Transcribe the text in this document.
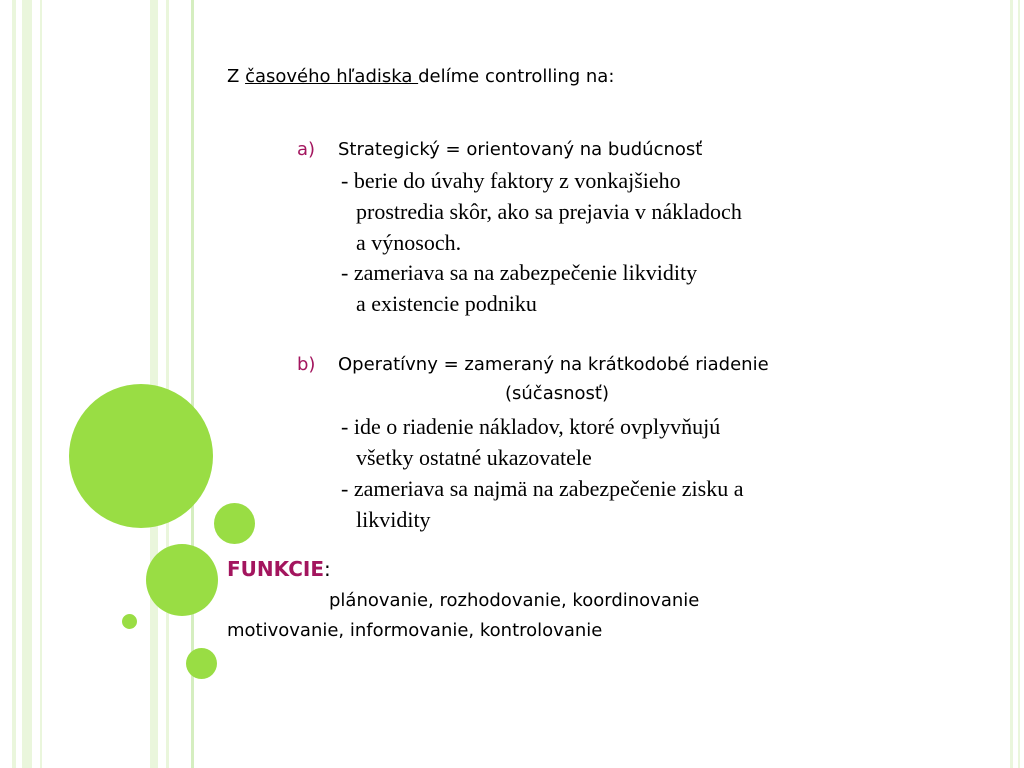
Z časového hľadiska delíme controlling na:
a) Strategický = orientovaný na budúcnosť
- berie do úvahy faktory z vonkajšieho
prostredia skôr, ako sa prejavia v nákladoch
a výnosoch.
- zameriava sa na zabezpečenie likvidity
a existencie podniku
b) Operatívny = zameraný na krátkodobé riadenie
(súčasnosť)
- ide o riadenie nákladov, ktoré ovplyvňujú
všetky ostatné ukazovatele
- zameriava sa najmä na zabezpečenie zisku a
likvidity
FUNKCIE:
plánovanie, rozhodovanie, koordinovanie
motivovanie, informovanie, kontrolovanie
